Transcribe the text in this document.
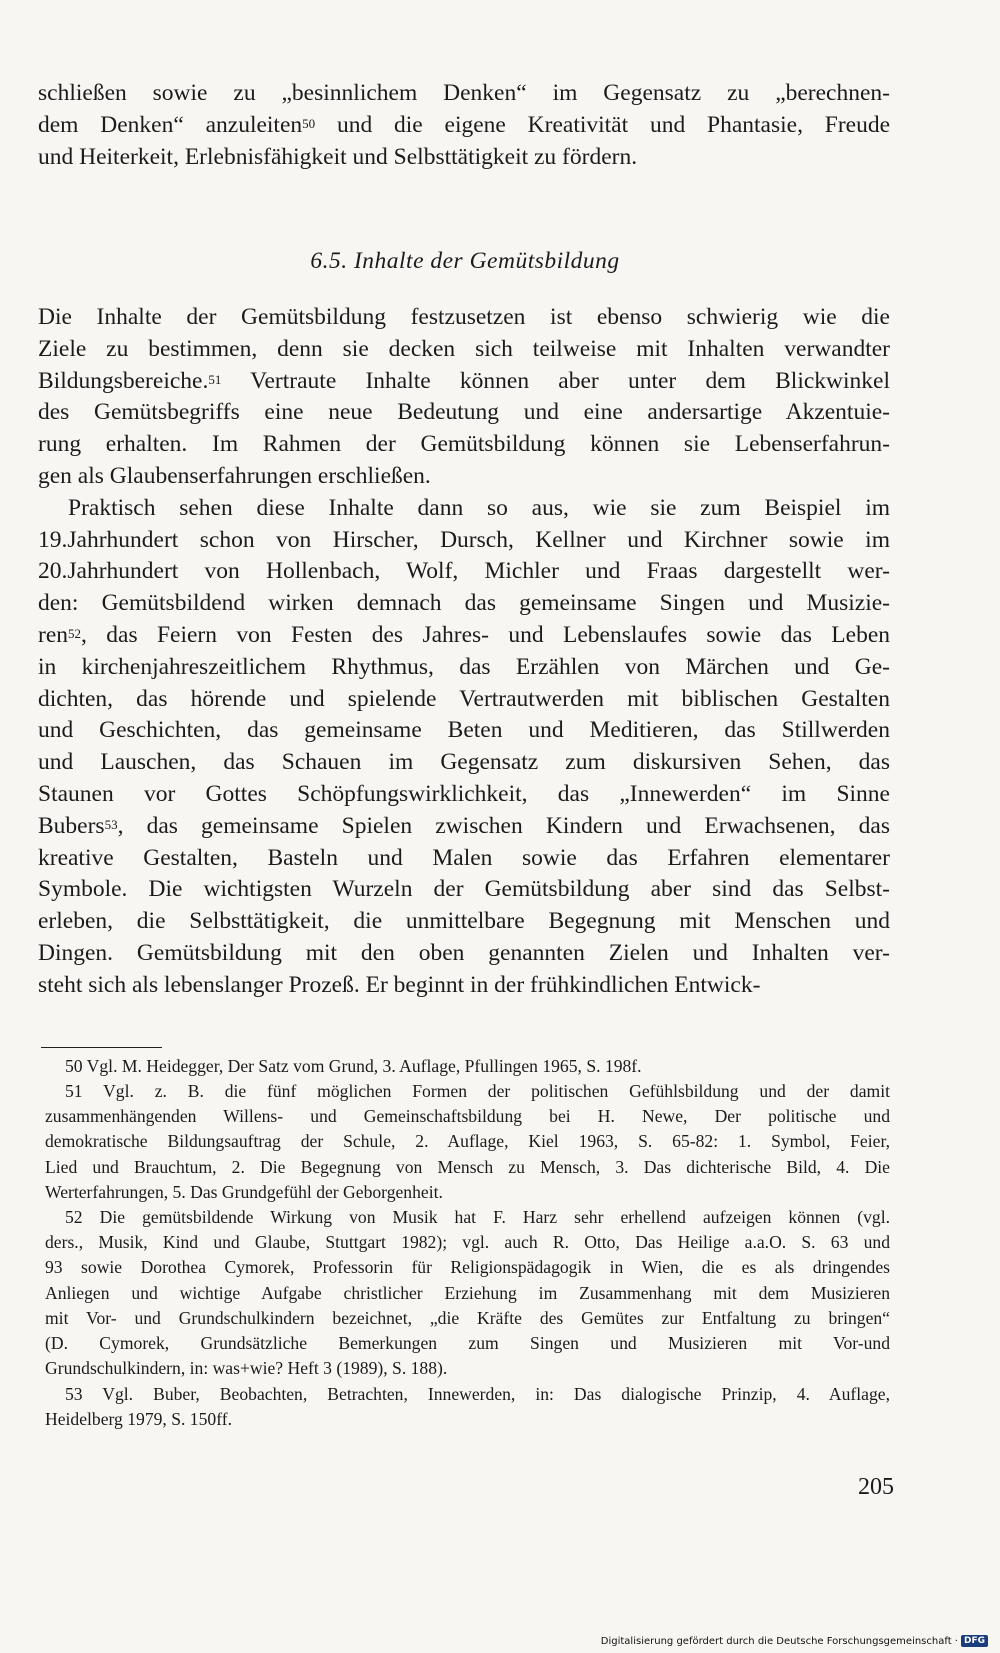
schließen sowie zu „besinnlichem Denken“ im Gegensatz zu „berechnen-
dem Denken“ anzuleiten$^{50}$ und die eigene Kreativität und Phantasie, Freude
und Heiterkeit, Erlebnisfähigkeit und Selbsttätigkeit zu fördern.
6.5. Inhalte der Gemütsbildung
Die Inhalte der Gemütsbildung festzusetzen ist ebenso schwierig wie die
Ziele zu bestimmen, denn sie decken sich teilweise mit Inhalten verwandter
Bildungsbereiche.$^{51}$ Vertraute Inhalte können aber unter dem Blickwinkel
des Gemütsbegriffs eine neue Bedeutung und eine andersartige Akzentuie-
rung erhalten. Im Rahmen der Gemütsbildung können sie Lebenserfahrun-
gen als Glaubenserfahrungen erschließen.
Praktisch sehen diese Inhalte dann so aus, wie sie zum Beispiel im
19.Jahrhundert schon von Hirscher, Dursch, Kellner und Kirchner sowie im
20.Jahrhundert von Hollenbach, Wolf, Michler und Fraas dargestellt wer-
den: Gemütsbildend wirken demnach das gemeinsame Singen und Musizie-
ren$^{52}$, das Feiern von Festen des Jahres- und Lebenslaufes sowie das Leben
in kirchenjahreszeitlichem Rhythmus, das Erzählen von Märchen und Ge-
dichten, das hörende und spielende Vertrautwerden mit biblischen Gestalten
und Geschichten, das gemeinsame Beten und Meditieren, das Stillwerden
und Lauschen, das Schauen im Gegensatz zum diskursiven Sehen, das
Staunen vor Gottes Schöpfungswirklichkeit, das „Innewerden“ im Sinne
Bubers$^{53}$, das gemeinsame Spielen zwischen Kindern und Erwachsenen, das
kreative Gestalten, Basteln und Malen sowie das Erfahren elementarer
Symbole. Die wichtigsten Wurzeln der Gemütsbildung aber sind das Selbst-
erleben, die Selbsttätigkeit, die unmittelbare Begegnung mit Menschen und
Dingen. Gemütsbildung mit den oben genannten Zielen und Inhalten ver-
steht sich als lebenslanger Prozeß. Er beginnt in der frühkindlichen Entwick-
50 Vgl. M. Heidegger, Der Satz vom Grund, 3. Auflage, Pfullingen 1965, S. 198f.
51 Vgl. z. B. die fünf möglichen Formen der politischen Gefühlsbildung und der damit
zusammenhängenden Willens- und Gemeinschaftsbildung bei H. Newe, Der politische und
demokratische Bildungsauftrag der Schule, 2. Auflage, Kiel 1963, S. 65-82: 1. Symbol, Feier,
Lied und Brauchtum, 2. Die Begegnung von Mensch zu Mensch, 3. Das dichterische Bild, 4. Die
Werterfahrungen, 5. Das Grundgefühl der Geborgenheit.
52 Die gemütsbildende Wirkung von Musik hat F. Harz sehr erhellend aufzeigen können (vgl.
ders., Musik, Kind und Glaube, Stuttgart 1982); vgl. auch R. Otto, Das Heilige a.a.O. S. 63 und
93 sowie Dorothea Cymorek, Professorin für Religionspädagogik in Wien, die es als dringendes
Anliegen und wichtige Aufgabe christlicher Erziehung im Zusammenhang mit dem Musizieren
mit Vor- und Grundschulkindern bezeichnet, „die Kräfte des Gemütes zur Entfaltung zu bringen“
(D. Cymorek, Grundsätzliche Bemerkungen zum Singen und Musizieren mit Vor-und
Grundschulkindern, in: was+wie? Heft 3 (1989), S. 188).
53 Vgl. Buber, Beobachten, Betrachten, Innewerden, in: Das dialogische Prinzip, 4. Auflage,
Heidelberg 1979, S. 150ff.
205
Digitalisierung gefördert durch die Deutsche Forschungsgemeinschaft · DFG
